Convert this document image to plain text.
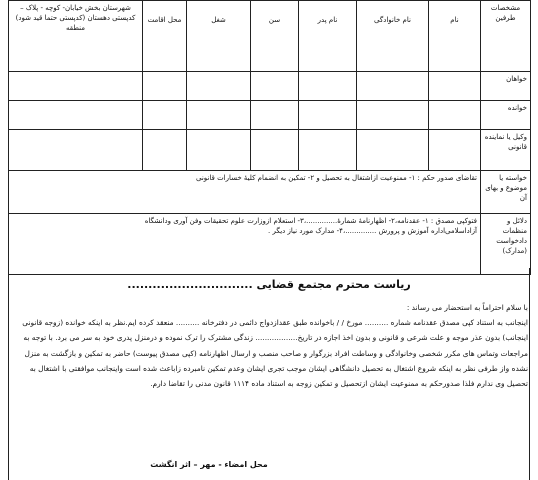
مشخصات طرفین	نام	نام خانوادگی	نام پدر	سن	شغل	محل اقامت	شهرستان بخش خیابان- کوچه - پلاک – کدپستی دهستان (کدپستی حتما قید شود) منطقه
خواهان							
خوانده							
وکیل یا نماینده قانونی							
خواسته یا موضوع و بهای آن	تقاضای صدور حکم : ۱- ممنوعیت ازاشتغال به تحصیل و ۲- تمکین به انضمام کلیهٔ خسارات قانونی						
دلائل و منظمات دادخواست (مدارک)	فتوکپی مصدق : ۱- عقدنامه،۲- اظهارنامهٔ شمارهٔ..............،۳- استعلام ازوزارت علوم تحقیقات وفن آوری ودانشگاه
آزاداسلامی‌اداره آموزش و پرورش ..............،۴- مدارک مورد نیاز دیگر .						
ریاست محترم مجتمع قضایی ..............................

با سلام احتراماً به استحضار می رساند :

اینجانب به استناد کپی مصدق عقدنامه شماره .......... مورخ / / باخوانده طبق عقدازدواج دائمی در دفترخانه .......... منعقد کرده ایم.نظر به اینکه خوانده (زوجه قانونی اینجانب) بدون عذر موجه و علت شرعی و قانونی و بدون اخذ اجازه در تاریخ.................. زندگی مشترک را ترک نموده و درمنزل پدری خود به سر می برد. با توجه به مراجعات وتماس های مکرر شخصی وخانوادگی و وساطت افراد بزرگوار و صاحب منصب و ارسال اظهارنامه (کپی مصدق پیوست) حاضر به تمکین و بازگشت به منزل نشده واز طرفی نظر به اینکه شروع اشتغال به تحصیل دانشگاهی ایشان موجب تجری ایشان وعدم تمکین نامبرده زاباعث شده است واینجانب موافقتی با اشتغال به تحصیل وی ندارم فلذا صدورحکم به ممنوعیت ایشان ازتحصیل و تمکین زوجه به استناد ماده ۱۱۱۴ قانون مدنی را تقاضا دارم.

محل امضاء - مهر – اثر انگشت
